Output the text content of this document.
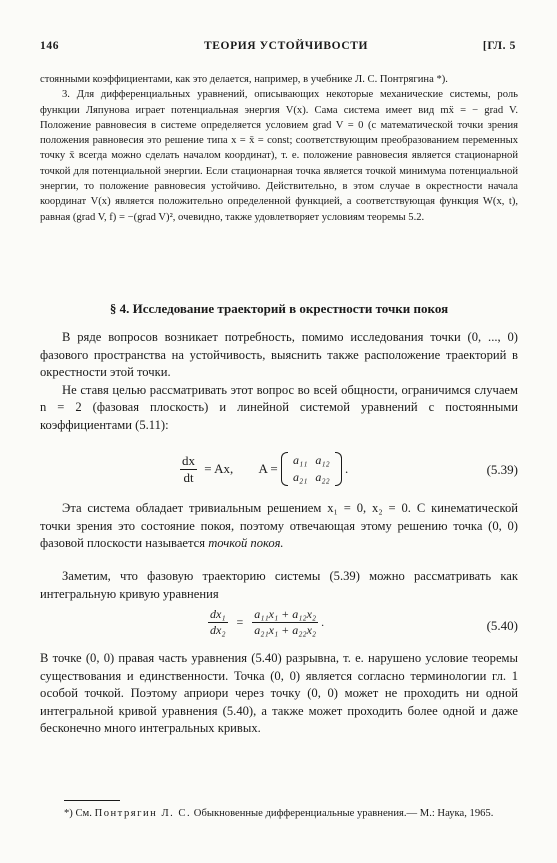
146	ТЕОРИЯ УСТОЙЧИВОСТИ	[ГЛ. 5

стоянными коэффициентами, как это делается, например, в учебнике Л. С. Понтрягина *).

3. Для дифференциальных уравнений, описывающих некоторые механические системы, роль функции Ляпунова играет потенциальная энергия V(x). Сама система имеет вид mẍ = − grad V. Положение равновесия в системе определяется условием grad V = 0 (с математической точки зрения положения равновесия это решение типа x = x̄ = const; соответствующим преобразованием переменных точку x̄ всегда можно сделать началом координат), т. е. положение равновесия является стационарной точкой для потенциальной энергии. Если стационарная точка является точкой минимума потенциальной энергии, то положение равновесия устойчиво. Действительно, в этом случае в окрестности начала координат V(x) является положительно определенной функцией, а соответствующая функция W(x, t), равная (grad V, f) = −(grad V)², очевидно, также удовлетворяет условиям теоремы 5.2.

§ 4. Исследование траекторий в окрестности точки покоя

В ряде вопросов возникает потребность, помимо исследования точки (0, ..., 0) фазового пространства на устойчивость, выяснить также расположение траекторий в окрестности этой точки.

Не ставя целью рассматривать этот вопрос во всей общности, ограничимся случаем n = 2 (фазовая плоскость) и линейной системой уравнений с постоянными коэффициентами (5.11):

$\frac{dx}{dt} = Ax$, A =
a₁₁	a₁₂
a₂₁	a₂₂
.	(5.39)

Эта система обладает тривиальным решением x₁ = 0, x₂ = 0. С кинематической точки зрения это состояние покоя, поэтому отвечающая этому решению точка (0, 0) фазовой плоскости называется точкой покоя.

Заметим, что фазовую траекторию системы (5.39) можно рассматривать как интегральную кривую уравнения

$\frac{\text{dx₁}}{\text{dx₂}} = \frac{\text{a₁₁x₁ + a₁₂x₂}}{\text{a₂₁x₁ + a₂₂x₂}}$ .	(5.40)

В точке (0, 0) правая часть уравнения (5.40) разрывна, т. е. нарушено условие теоремы существования и единственности. Точка (0, 0) является согласно терминологии гл. 1 особой точкой. Поэтому априори через точку (0, 0) может не проходить ни одной интегральной кривой уравнения (5.40), а также может проходить более одной и даже бесконечно много интегральных кривых.

*) См. Понтрягин Л. С. Обыкновенные дифференциальные уравнения.— М.: Наука, 1965.
